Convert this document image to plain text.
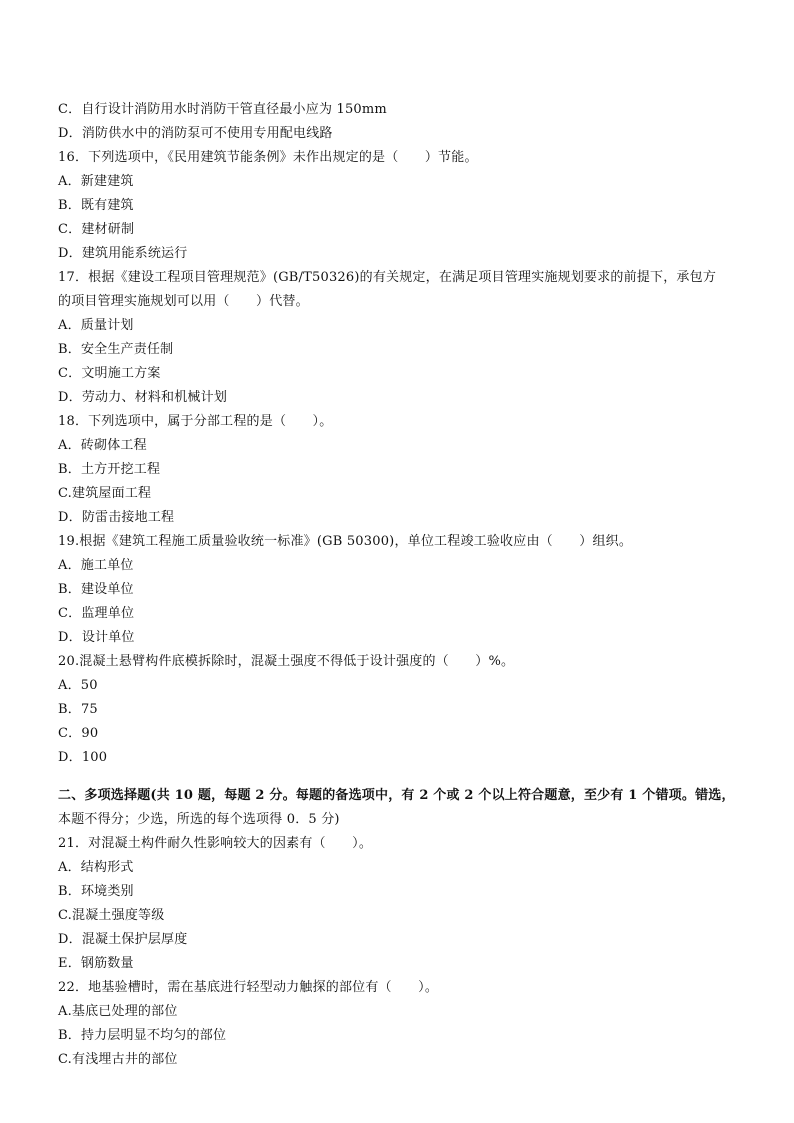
C．自行设计消防用水时消防干管直径最小应为 150mm
D．消防供水中的消防泵可不使用专用配电线路
16．下列选项中，《民用建筑节能条例》未作出规定的是（　　）节能。
A．新建建筑
B．既有建筑
C．建材研制
D．建筑用能系统运行
17．根据《建设工程项目管理规范》(GB/T50326)的有关规定，在满足项目管理实施规划要求的前提下，承包方
的项目管理实施规划可以用（　　）代替。
A．质量计划
B．安全生产责任制
C．文明施工方案
D．劳动力、材料和机械计划
18．下列选项中，属于分部工程的是（　　）。
A．砖砌体工程
B．土方开挖工程
C.建筑屋面工程
D．防雷击接地工程
19.根据《建筑工程施工质量验收统一标准》(GB 50300)，单位工程竣工验收应由（　　）组织。
A．施工单位
B．建设单位
C．监理单位
D．设计单位
20.混凝土悬臂构件底模拆除时，混凝土强度不得低于设计强度的（　　）%。
A．50
B．75
C．90
D．100
二、多项选择题(共 10 题，每题 2 分。每题的备选项中，有 2 个或 2 个以上符合题意，至少有 1 个错项。错选，
本题不得分；少选，所选的每个选项得 0．5 分)
21．对混凝土构件耐久性影响较大的因素有（　　）。
A．结构形式
B．环境类别
C.混凝土强度等级
D．混凝土保护层厚度
E．钢筋数量
22．地基验槽时，需在基底进行轻型动力触探的部位有（　　）。
A.基底已处理的部位
B．持力层明显不均匀的部位
C.有浅埋古井的部位
